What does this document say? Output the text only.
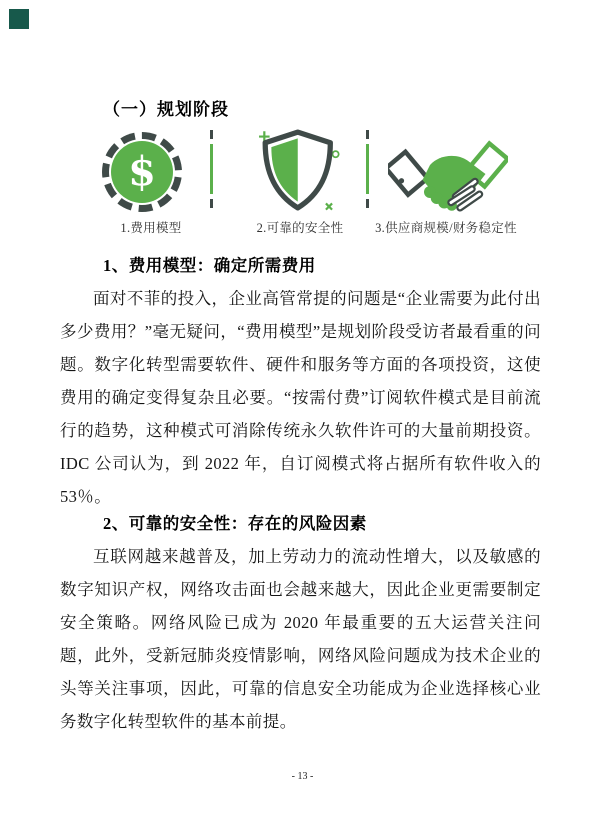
（一）规划阶段
$
1.费用模型	2.可靠的安全性	3.供应商规模/财务稳定性
1、费用模型：确定所需费用

面对不菲的投入，企业高管常提的问题是“企业需要为此付出多少费用？”毫无疑问，“费用模型”是规划阶段受访者最看重的问题。数字化转型需要软件、硬件和服务等方面的各项投资，这使费用的确定变得复杂且必要。“按需付费”订阅软件模式是目前流行的趋势，这种模式可消除传统永久软件许可的大量前期投资。IDC 公司认为，到 2022 年，自订阅模式将占据所有软件收入的 53％。

2、可靠的安全性：存在的风险因素

互联网越来越普及，加上劳动力的流动性增大，以及敏感的数字知识产权，网络攻击面也会越来越大，因此企业更需要制定安全策略。网络风险已成为 2020 年最重要的五大运营关注问题，此外，受新冠肺炎疫情影响，网络风险问题成为技术企业的头等关注事项，因此，可靠的信息安全功能成为企业选择核心业务数字化转型软件的基本前提。

- 13 -
